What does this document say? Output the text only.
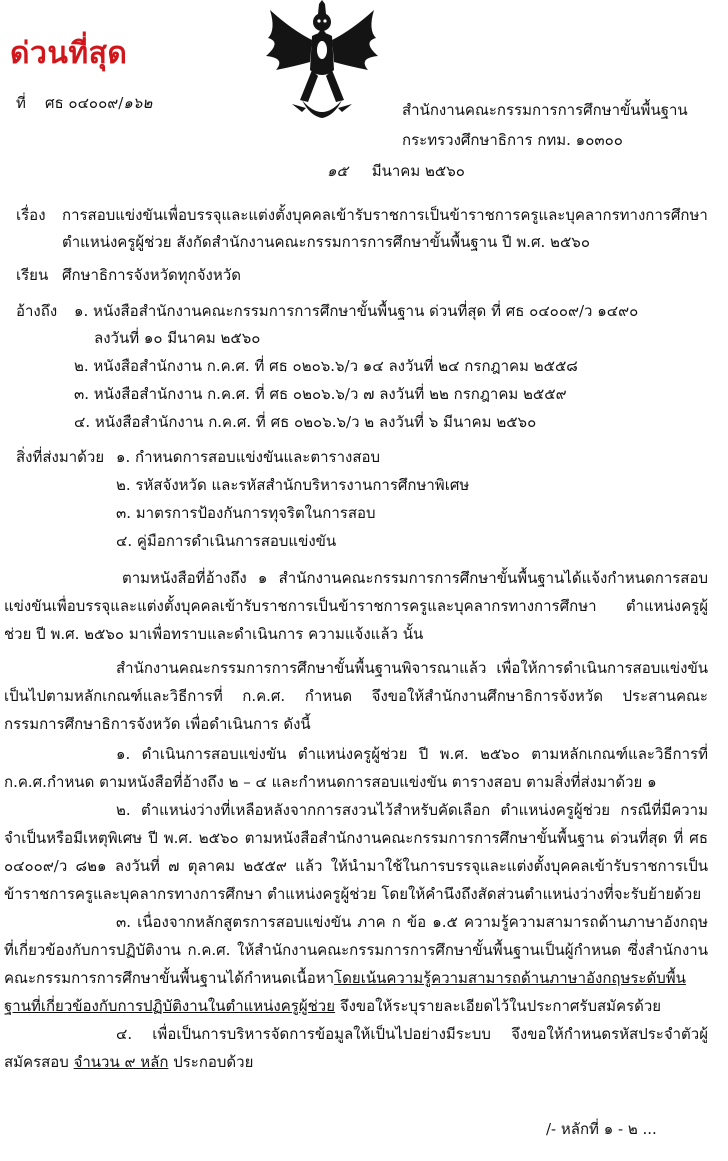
ด่วนที่สุด
ที่ ศธ ๐๔๐๐๙/๑๖๒	สำนักงานคณะกรรมการการศึกษาขั้นพื้นฐาน
กระทรวงศึกษาธิการ กทม. ๑๐๓๐๐
๑๕ มีนาคม ๒๕๖๐
เรื่อง การสอบแข่งขันเพื่อบรรจุและแต่งตั้งบุคคลเข้ารับราชการเป็นข้าราชการครูและบุคลากรทางการศึกษา
ตำแหน่งครูผู้ช่วย สังกัดสำนักงานคณะกรรมการการศึกษาขั้นพื้นฐาน ปี พ.ศ. ๒๕๖๐
เรียน ศึกษาธิการจังหวัดทุกจังหวัด
อ้างถึง ๑. หนังสือสำนักงานคณะกรรมการการศึกษาขั้นพื้นฐาน ด่วนที่สุด ที่ ศธ ๐๔๐๐๙/ว ๑๔๙๐
ลงวันที่ ๑๐ มีนาคม ๒๕๖๐
๒. หนังสือสำนักงาน ก.ค.ศ. ที่ ศธ ๐๒๐๖.๖/ว ๑๔ ลงวันที่ ๒๔ กรกฎาคม ๒๕๕๘
๓. หนังสือสำนักงาน ก.ค.ศ. ที่ ศธ ๐๒๐๖.๖/ว ๗ ลงวันที่ ๒๒ กรกฎาคม ๒๕๕๙
๔. หนังสือสำนักงาน ก.ค.ศ. ที่ ศธ ๐๒๐๖.๖/ว ๒ ลงวันที่ ๖ มีนาคม ๒๕๖๐
สิ่งที่ส่งมาด้วย ๑. กำหนดการสอบแข่งขันและตารางสอบ
๒. รหัสจังหวัด และรหัสสำนักบริหารงานการศึกษาพิเศษ
๓. มาตรการป้องกันการทุจริตในการสอบ
๔. คู่มือการดำเนินการสอบแข่งขัน
ตามหนังสือที่อ้างถึง ๑ สำนักงานคณะกรรมการการศึกษาขั้นพื้นฐานได้แจ้งกำหนดการสอบแข่งขันเพื่อบรรจุและแต่งตั้งบุคคลเข้ารับราชการเป็นข้าราชการครูและบุคลากรทางการศึกษา ตำแหน่งครูผู้ช่วย ปี พ.ศ. ๒๕๖๐ มาเพื่อทราบและดำเนินการ ความแจ้งแล้ว นั้น
สำนักงานคณะกรรมการการศึกษาขั้นพื้นฐานพิจารณาแล้ว เพื่อให้การดำเนินการสอบแข่งขันเป็นไปตามหลักเกณฑ์และวิธีการที่ ก.ค.ศ. กำหนด จึงขอให้สำนักงานศึกษาธิการจังหวัด ประสานคณะกรรมการศึกษาธิการจังหวัด เพื่อดำเนินการ ดังนี้
๑. ดำเนินการสอบแข่งขัน ตำแหน่งครูผู้ช่วย ปี พ.ศ. ๒๕๖๐ ตามหลักเกณฑ์และวิธีการที่ ก.ค.ศ.กำหนด ตามหนังสือที่อ้างถึง ๒ – ๔ และกำหนดการสอบแข่งขัน ตารางสอบ ตามสิ่งที่ส่งมาด้วย ๑
๒. ตำแหน่งว่างที่เหลือหลังจากการสงวนไว้สำหรับคัดเลือก ตำแหน่งครูผู้ช่วย กรณีที่มีความจำเป็นหรือมีเหตุพิเศษ ปี พ.ศ. ๒๕๖๐ ตามหนังสือสำนักงานคณะกรรมการการศึกษาขั้นพื้นฐาน ด่วนที่สุด ที่ ศธ ๐๔๐๐๙/ว ๘๒๑ ลงวันที่ ๗ ตุลาคม ๒๕๕๙ แล้ว ให้นำมาใช้ในการบรรจุและแต่งตั้งบุคคลเข้ารับราชการเป็นข้าราชการครูและบุคลากรทางการศึกษา ตำแหน่งครูผู้ช่วย โดยให้คำนึงถึงสัดส่วนตำแหน่งว่างที่จะรับย้ายด้วย
๓. เนื่องจากหลักสูตรการสอบแข่งขัน ภาค ก ข้อ ๑.๕ ความรู้ความสามารถด้านภาษาอังกฤษที่เกี่ยวข้องกับการปฏิบัติงาน ก.ค.ศ. ให้สำนักงานคณะกรรมการการศึกษาขั้นพื้นฐานเป็นผู้กำหนด ซึ่งสำนักงานคณะกรรมการการศึกษาขั้นพื้นฐานได้กำหนดเนื้อหาโดยเน้นความรู้ความสามารถด้านภาษาอังกฤษระดับพื้นฐานที่เกี่ยวข้องกับการปฏิบัติงานในตำแหน่งครูผู้ช่วย จึงขอให้ระบุรายละเอียดไว้ในประกาศรับสมัครด้วย
๔. เพื่อเป็นการบริหารจัดการข้อมูลให้เป็นไปอย่างมีระบบ จึงขอให้กำหนดรหัสประจำตัวผู้สมัครสอบ จำนวน ๙ หลัก ประกอบด้วย
/- หลักที่ ๑ - ๒ ...
